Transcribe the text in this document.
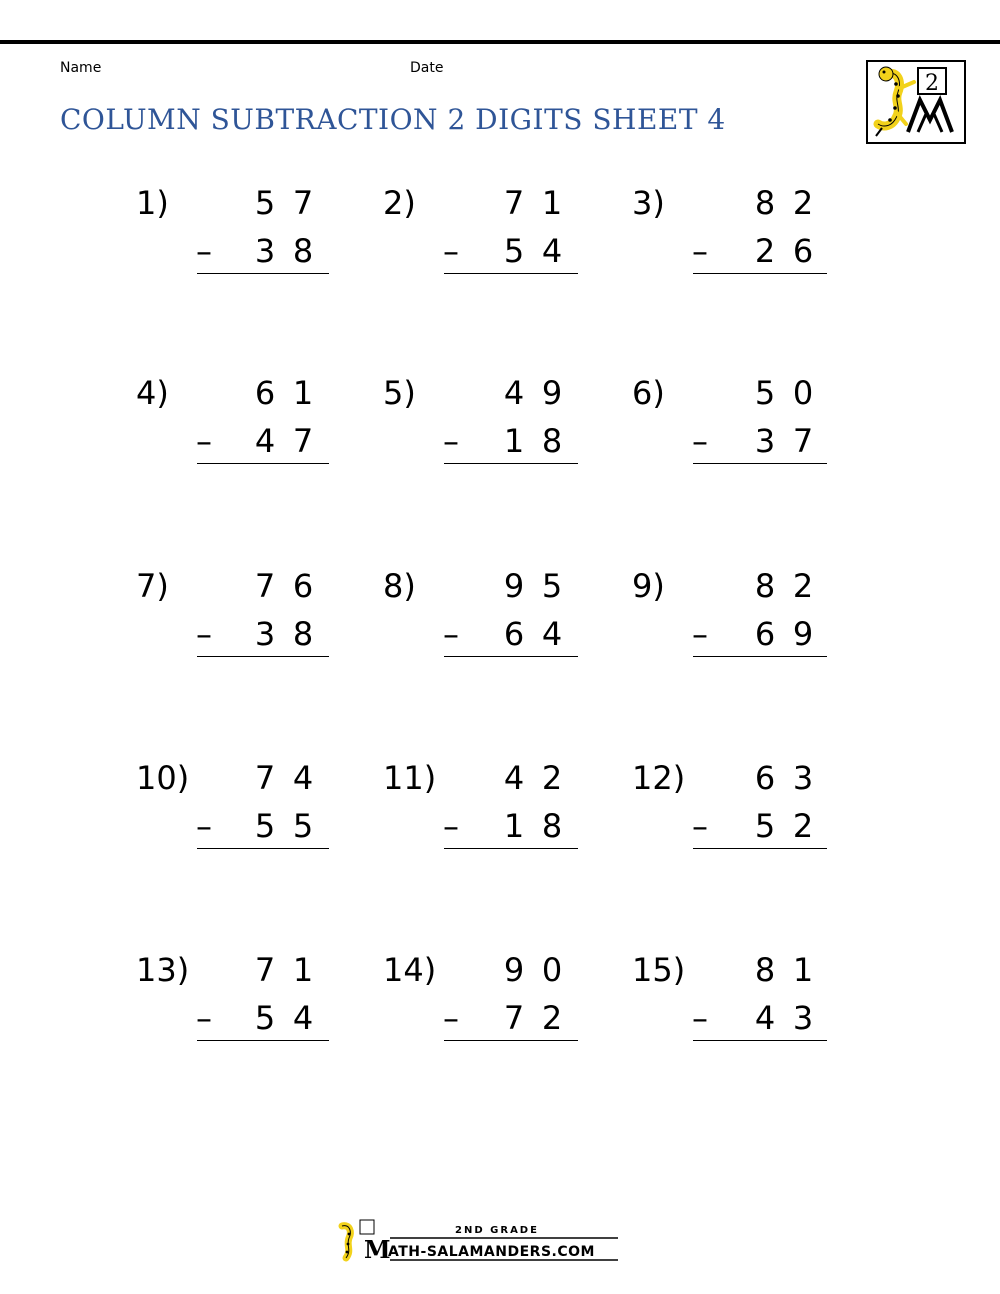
Name	Date
COLUMN SUBTRACTION 2 DIGITS SHEET 4
2
1)	5 7
– 3 8
2)	7 1
– 5 4
3)	8 2
– 2 6
4)	6 1
– 4 7
5)	4 9
– 1 8
6)	5 0
– 3 7
7)	7 6
– 3 8
8)	9 5
– 6 4
9)	8 2
– 6 9
10) 7 4
– 5 5
11) 4 2
– 1 8
12) 6 3
– 5 2
13) 7 1
– 5 4
14) 9 0
– 7 2
15) 8 1
– 4 3
2ND GRADE
M
ATH-SALAMANDERS.COM
